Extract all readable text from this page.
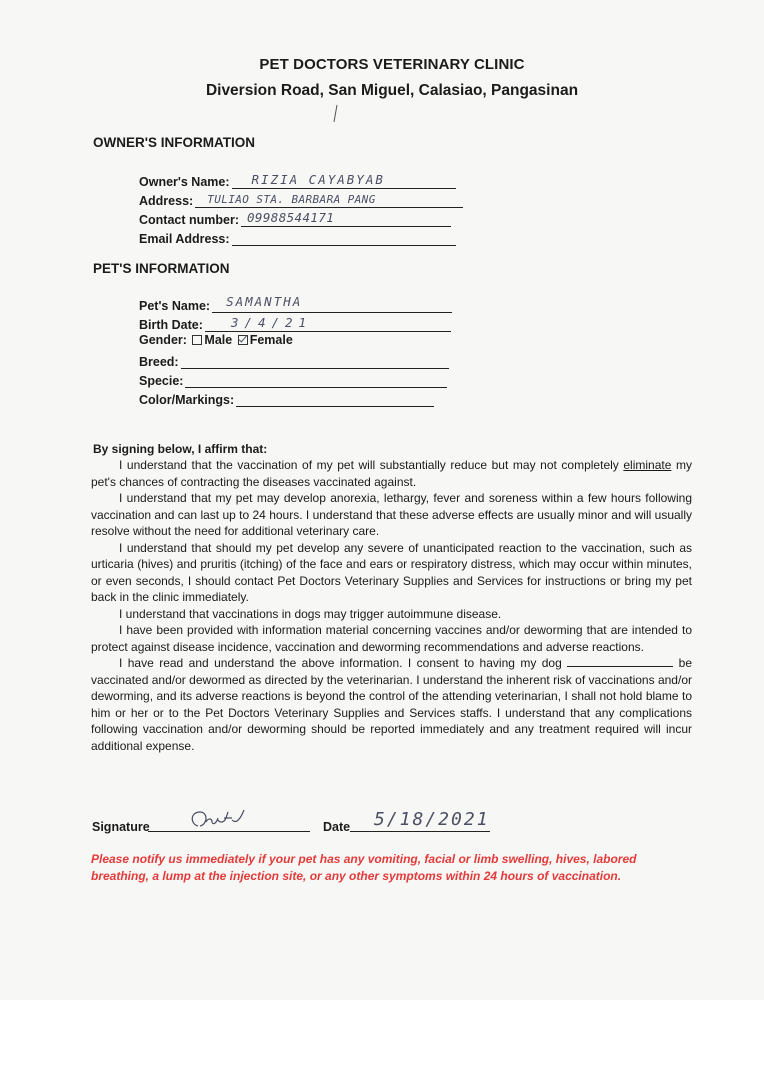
PET DOCTORS VETERINARY CLINIC
Diversion Road, San Miguel, Calasiao, Pangasinan
OWNER'S INFORMATION
Owner's Name: RIZIA CAYABYAB
Address: TULIAO STA. BARBARA PANG
Contact number: 09988544171
Email Address:
PET'S INFORMATION
Pet's Name: SAMANTHA
Birth Date: 3/4/21
Gender: Male Female
Breed:
Specie:
Color/Markings:
By signing below, I affirm that:

I understand that the vaccination of my pet will substantially reduce but may not completely eliminate my pet's chances of contracting the diseases vaccinated against.

I understand that my pet may develop anorexia, lethargy, fever and soreness within a few hours following vaccination and can last up to 24 hours. I understand that these adverse effects are usually minor and will usually resolve without the need for additional veterinary care.

I understand that should my pet develop any severe of unanticipated reaction to the vaccination, such as urticaria (hives) and pruritis (itching) of the face and ears or respiratory distress, which may occur within minutes, or even seconds, I should contact Pet Doctors Veterinary Supplies and Services for instructions or bring my pet back in the clinic immediately.

I understand that vaccinations in dogs may trigger autoimmune disease.

I have been provided with information material concerning vaccines and/or deworming that are intended to protect against disease incidence, vaccination and deworming recommendations and adverse reactions.

I have read and understand the above information. I consent to having my dog	be vaccinated and/or dewormed as directed by the veterinarian. I understand the inherent risk of vaccinations and/or deworming, and its adverse reactions is beyond the control of the attending veterinarian, I shall not hold blame to him or her or to the Pet Doctors Veterinary Supplies and Services staffs. I understand that any complications following vaccination and/or deworming should be reported immediately and any treatment required will incur additional expense.

Signature	Date 5/18/2021
Please notify us immediately if your pet has any vomiting, facial or limb swelling, hives, labored breathing, a lump at the injection site, or any other symptoms within 24 hours of vaccination.
